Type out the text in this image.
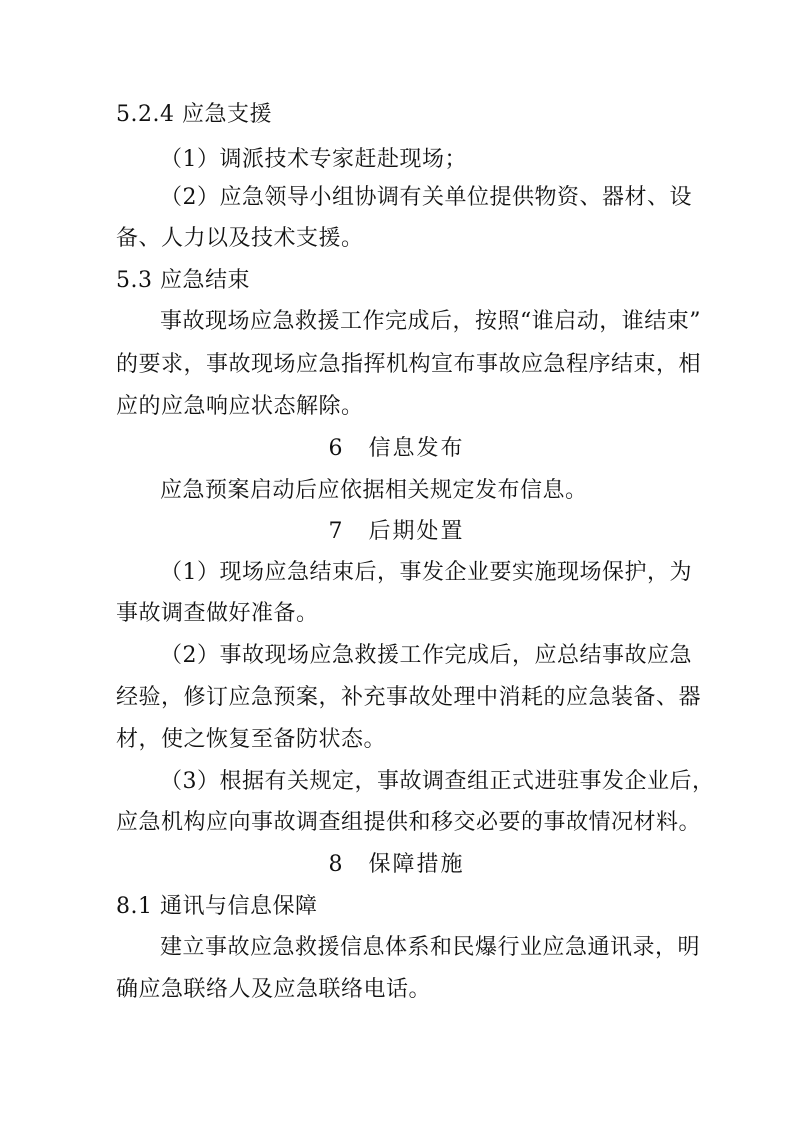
5.2.4 应急支援
（1）调派技术专家赶赴现场；
（2）应急领导小组协调有关单位提供物资、器材、设
备、人力以及技术支援。
5.3 应急结束
事故现场应急救援工作完成后，按照“谁启动，谁结束”
的要求，事故现场应急指挥机构宣布事故应急程序结束，相
应的应急响应状态解除。
6　信息发布
应急预案启动后应依据相关规定发布信息。
7　后期处置
（1）现场应急结束后，事发企业要实施现场保护，为
事故调查做好准备。
（2）事故现场应急救援工作完成后，应总结事故应急
经验，修订应急预案，补充事故处理中消耗的应急装备、器
材，使之恢复至备防状态。
（3）根据有关规定，事故调查组正式进驻事发企业后，
应急机构应向事故调查组提供和移交必要的事故情况材料。
8　保障措施
8.1 通讯与信息保障
建立事故应急救援信息体系和民爆行业应急通讯录，明
确应急联络人及应急联络电话。
